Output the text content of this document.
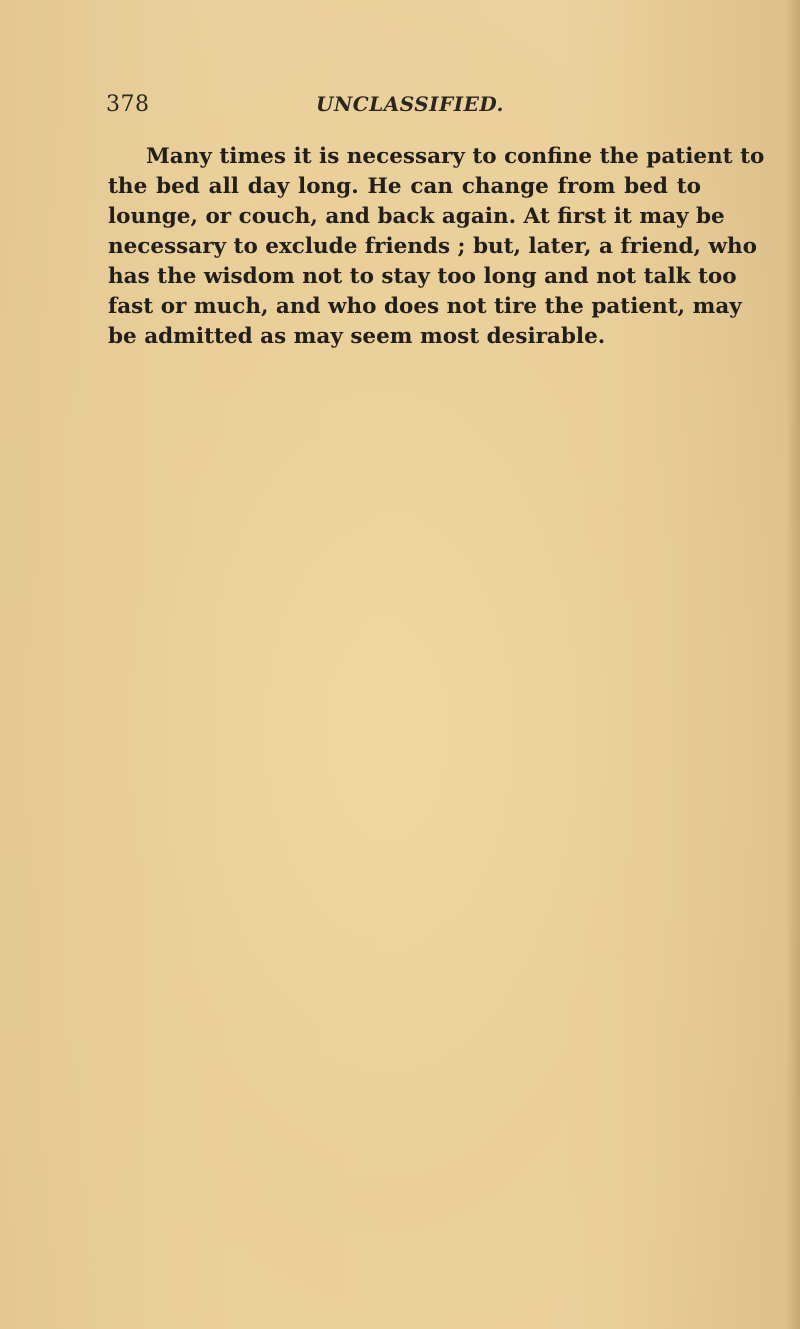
378	UNCLASSIFIED.
Many times it is necessary to confine the patient to
the bed all day long. He can change from bed to
lounge, or couch, and back again. At first it may be
necessary to exclude friends ; but, later, a friend, who
has the wisdom not to stay too long and not talk too
fast or much, and who does not tire the patient, may
be admitted as may seem most desirable.
